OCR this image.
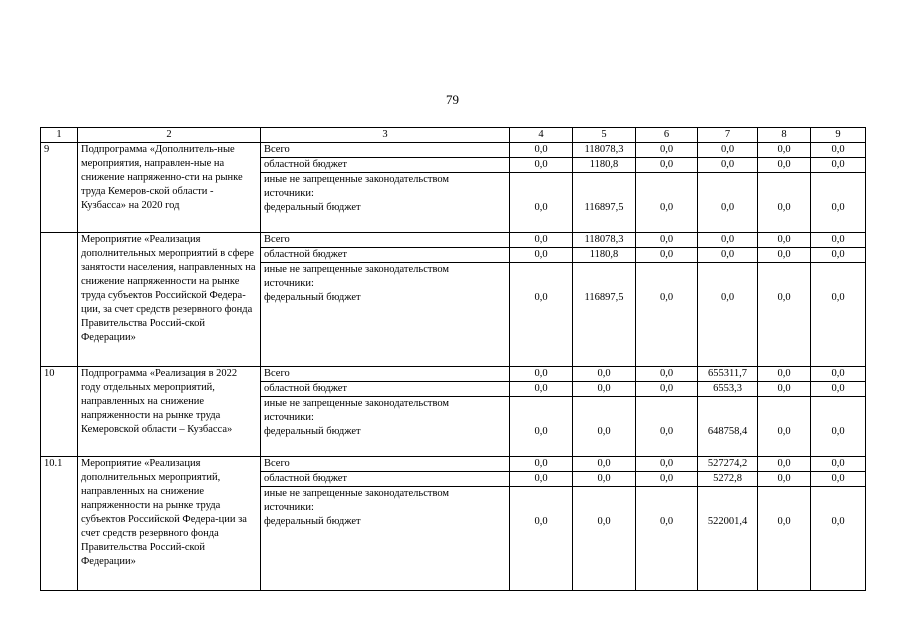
79
1	2	3	4	5	6	7	8	9
9	Подпрограмма «Дополнитель-ные мероприятия, направлен-ные на снижение напряженно-сти на рынке труда Кемеров-ской области - Кузбасса» на 2020 год	Всего	0,0	118078,3	0,0	0,0	0,0	0,0
		областной бюджет	0,0	1180,8	0,0	0,0	0,0	0,0

		иные не запрещенные законодательством
источники:
федеральный бюджет	0,0	116897,5	0,0	0,0	0,0	0,0
	Мероприятие «Реализация дополнительных мероприятий в сфере занятости населения, направленных на снижение напряженности на рынке труда субъектов Российской Федера-ции, за счет средств резервного фонда Правительства Россий-ской Федерации»	Всего	0,0	118078,3	0,0	0,0	0,0	0,0
		областной бюджет	0,0	1180,8	0,0	0,0	0,0	0,0

		иные не запрещенные законодательством
источники:
федеральный бюджет	0,0	116897,5	0,0	0,0	0,0	0,0
10	Подпрограмма «Реализация в 2022 году отдельных мероприятий, направленных на снижение напряженности на рынке труда Кемеровской области – Кузбасса»	Всего	0,0	0,0	0,0	655311,7	0,0	0,0
		областной бюджет	0,0	0,0	0,0	6553,3	0,0	0,0

		иные не запрещенные законодательством
источники:
федеральный бюджет	0,0	0,0	0,0	648758,4	0,0	0,0
10.1	Мероприятие «Реализация дополнительных мероприятий, направленных на снижение напряженности на рынке труда субъектов Российской Федера-ции за счет средств резервного фонда Правительства Россий-ской Федерации»	Всего	0,0	0,0	0,0	527274,2	0,0	0,0
		областной бюджет	0,0	0,0	0,0	5272,8	0,0	0,0

		иные не запрещенные законодательством
источники:
федеральный бюджет	0,0	0,0	0,0	522001,4	0,0	0,0
